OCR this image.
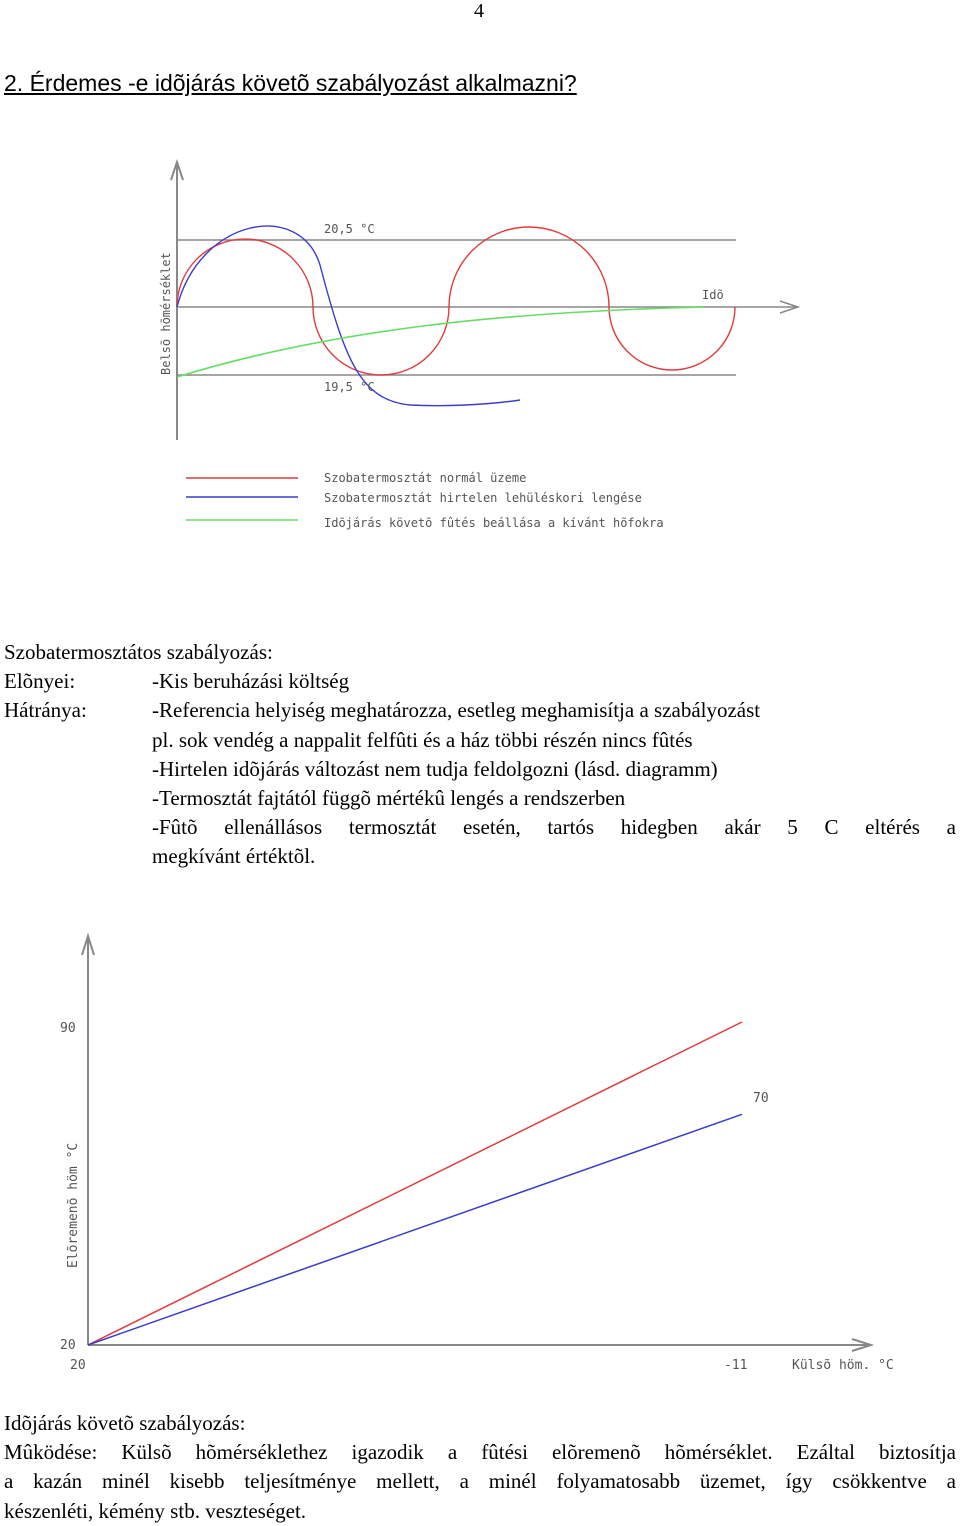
4
2. Érdemes -e idõjárás követõ szabályozást alkalmazni?
20,5 °C
19,5 °C
Idõ
Belsõ hõmérséklet
Szobatermosztát normál üzeme
Szobatermosztát hirtelen lehüléskori lengése
Idõjárás követõ fûtés beállása a kívánt hõfokra
Szobatermosztátos szabályozás:
Elõnyei:	-Kis beruházási költség
Hátránya:	-Referencia helyiség meghatározza, esetleg meghamisítja a szabályozást
pl. sok vendég a nappalit felfûti és a ház többi részén nincs fûtés
-Hirtelen idõjárás változást nem tudja feldolgozni (lásd. diagramm)
-Termosztát fajtától függõ mértékû lengés a rendszerben
-Fûtõ ellenállásos termosztát esetén, tartós hidegben akár 5 C eltérés a
megkívánt értéktõl.
20	-11
20
90
70
Külsõ höm. °C
Elõremenõ höm °C
Idõjárás követõ szabályozás:
Mûködése: Külsõ hõmérséklethez igazodik a fûtési elõremenõ hõmérséklet. Ezáltal biztosítja
a kazán minél kisebb teljesítménye mellett, a minél folyamatosabb üzemet, így csökkentve a
készenléti, kémény stb. veszteséget.
